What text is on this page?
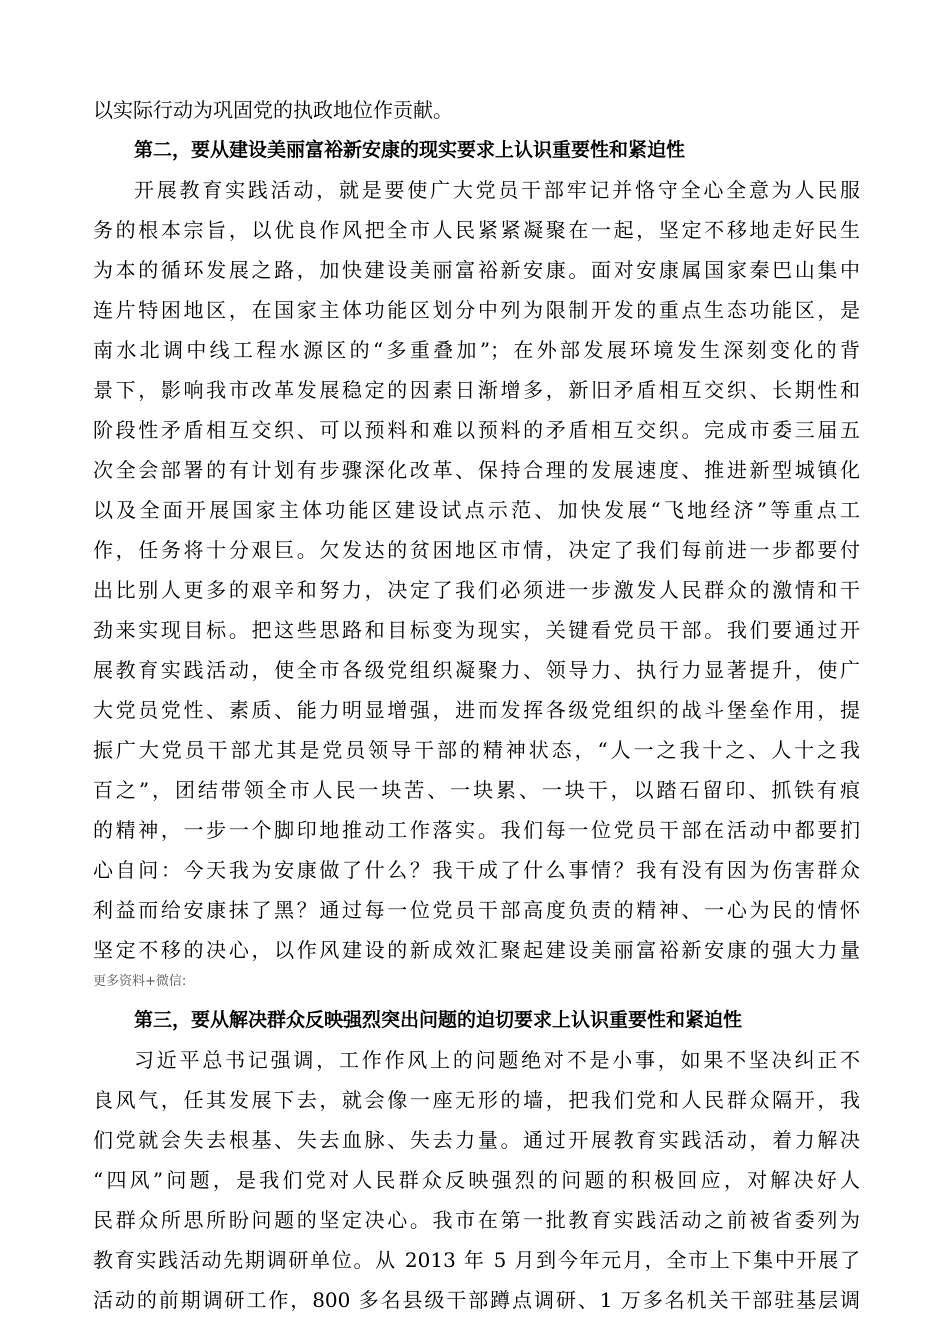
以实际行动为巩固党的执政地位作贡献。
第二，要从建设美丽富裕新安康的现实要求上认识重要性和紧迫性
开展教育实践活动，就是要使广大党员干部牢记并恪守全心全意为人民服
务的根本宗旨，以优良作风把全市人民紧紧凝聚在一起，坚定不移地走好民生
为本的循环发展之路，加快建设美丽富裕新安康。面对安康属国家秦巴山集中
连片特困地区，在国家主体功能区划分中列为限制开发的重点生态功能区，是
南水北调中线工程水源区的“多重叠加”；在外部发展环境发生深刻变化的背
景下，影响我市改革发展稳定的因素日渐增多，新旧矛盾相互交织、长期性和
阶段性矛盾相互交织、可以预料和难以预料的矛盾相互交织。完成市委三届五
次全会部署的有计划有步骤深化改革、保持合理的发展速度、推进新型城镇化
以及全面开展国家主体功能区建设试点示范、加快发展“飞地经济”等重点工
作，任务将十分艰巨。欠发达的贫困地区市情，决定了我们每前进一步都要付
出比别人更多的艰辛和努力，决定了我们必须进一步激发人民群众的激情和干
劲来实现目标。把这些思路和目标变为现实，关键看党员干部。我们要通过开
展教育实践活动，使全市各级党组织凝聚力、领导力、执行力显著提升，使广
大党员党性、素质、能力明显增强，进而发挥各级党组织的战斗堡垒作用，提
振广大党员干部尤其是党员领导干部的精神状态，“人一之我十之、人十之我
百之”，团结带领全市人民一块苦、一块累、一块干，以踏石留印、抓铁有痕
的精神，一步一个脚印地推动工作落实。我们每一位党员干部在活动中都要扪
心自问：今天我为安康做了什么？我干成了什么事情？我有没有因为伤害群众
利益而给安康抹了黑？通过每一位党员干部高度负责的精神、一心为民的情怀
坚定不移的决心，以作风建设的新成效汇聚起建设美丽富裕新安康的强大力量
更多资料+微信:
第三，要从解决群众反映强烈突出问题的迫切要求上认识重要性和紧迫性
习近平总书记强调，工作作风上的问题绝对不是小事，如果不坚决纠正不
良风气，任其发展下去，就会像一座无形的墙，把我们党和人民群众隔开，我
们党就会失去根基、失去血脉、失去力量。通过开展教育实践活动，着力解决
“四风”问题，是我们党对人民群众反映强烈的问题的积极回应，对解决好人
民群众所思所盼问题的坚定决心。我市在第一批教育实践活动之前被省委列为
教育实践活动先期调研单位。从 2013 年 5 月到今年元月，全市上下集中开展了
活动的前期调研工作，800 多名县级干部蹲点调研、1 万多名机关干部驻基层调
